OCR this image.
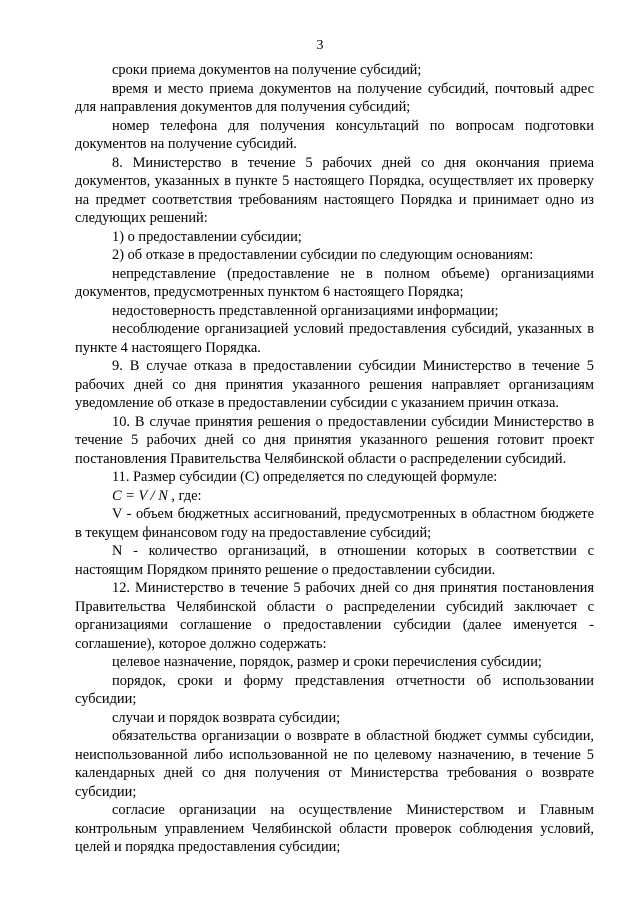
3

сроки приема документов на получение субсидий;

время и место приема документов на получение субсидий, почтовый адрес для направления документов для получения субсидий;

номер телефона для получения консультаций по вопросам подготовки документов на получение субсидий.

8. Министерство в течение 5 рабочих дней со дня окончания приема документов, указанных в пункте 5 настоящего Порядка, осуществляет их проверку на предмет соответствия требованиям настоящего Порядка и принимает одно из следующих решений:

1) о предоставлении субсидии;

2) об отказе в предоставлении субсидии по следующим основаниям:

непредставление (предоставление не в полном объеме) организациями документов, предусмотренных пунктом 6 настоящего Порядка;

недостоверность представленной организациями информации;

несоблюдение организацией условий предоставления субсидий, указанных в пункте 4 настоящего Порядка.

9. В случае отказа в предоставлении субсидии Министерство в течение 5 рабочих дней со дня принятия указанного решения направляет организациям уведомление об отказе в предоставлении субсидии с указанием причин отказа.

10. В случае принятия решения о предоставлении субсидии Министерство в течение 5 рабочих дней со дня принятия указанного решения готовит проект постановления Правительства Челябинской области о распределении субсидий.

11. Размер субсидии (С) определяется по следующей формуле:

C = V / N , где:

V - объем бюджетных ассигнований, предусмотренных в областном бюджете в текущем финансовом году на предоставление субсидий;

N - количество организаций, в отношении которых в соответствии с настоящим Порядком принято решение о предоставлении субсидии.

12. Министерство в течение 5 рабочих дней со дня принятия постановления Правительства Челябинской области о распределении субсидий заключает с организациями соглашение о предоставлении субсидии (далее именуется - соглашение), которое должно содержать:

целевое назначение, порядок, размер и сроки перечисления субсидии;

порядок, сроки и форму представления отчетности об использовании субсидии;

случаи и порядок возврата субсидии;

обязательства организации о возврате в областной бюджет суммы субсидии, неиспользованной либо использованной не по целевому назначению, в течение 5 календарных дней со дня получения от Министерства требования о возврате субсидии;

согласие организации на осуществление Министерством и Главным контрольным управлением Челябинской области проверок соблюдения условий, целей и порядка предоставления субсидии;
